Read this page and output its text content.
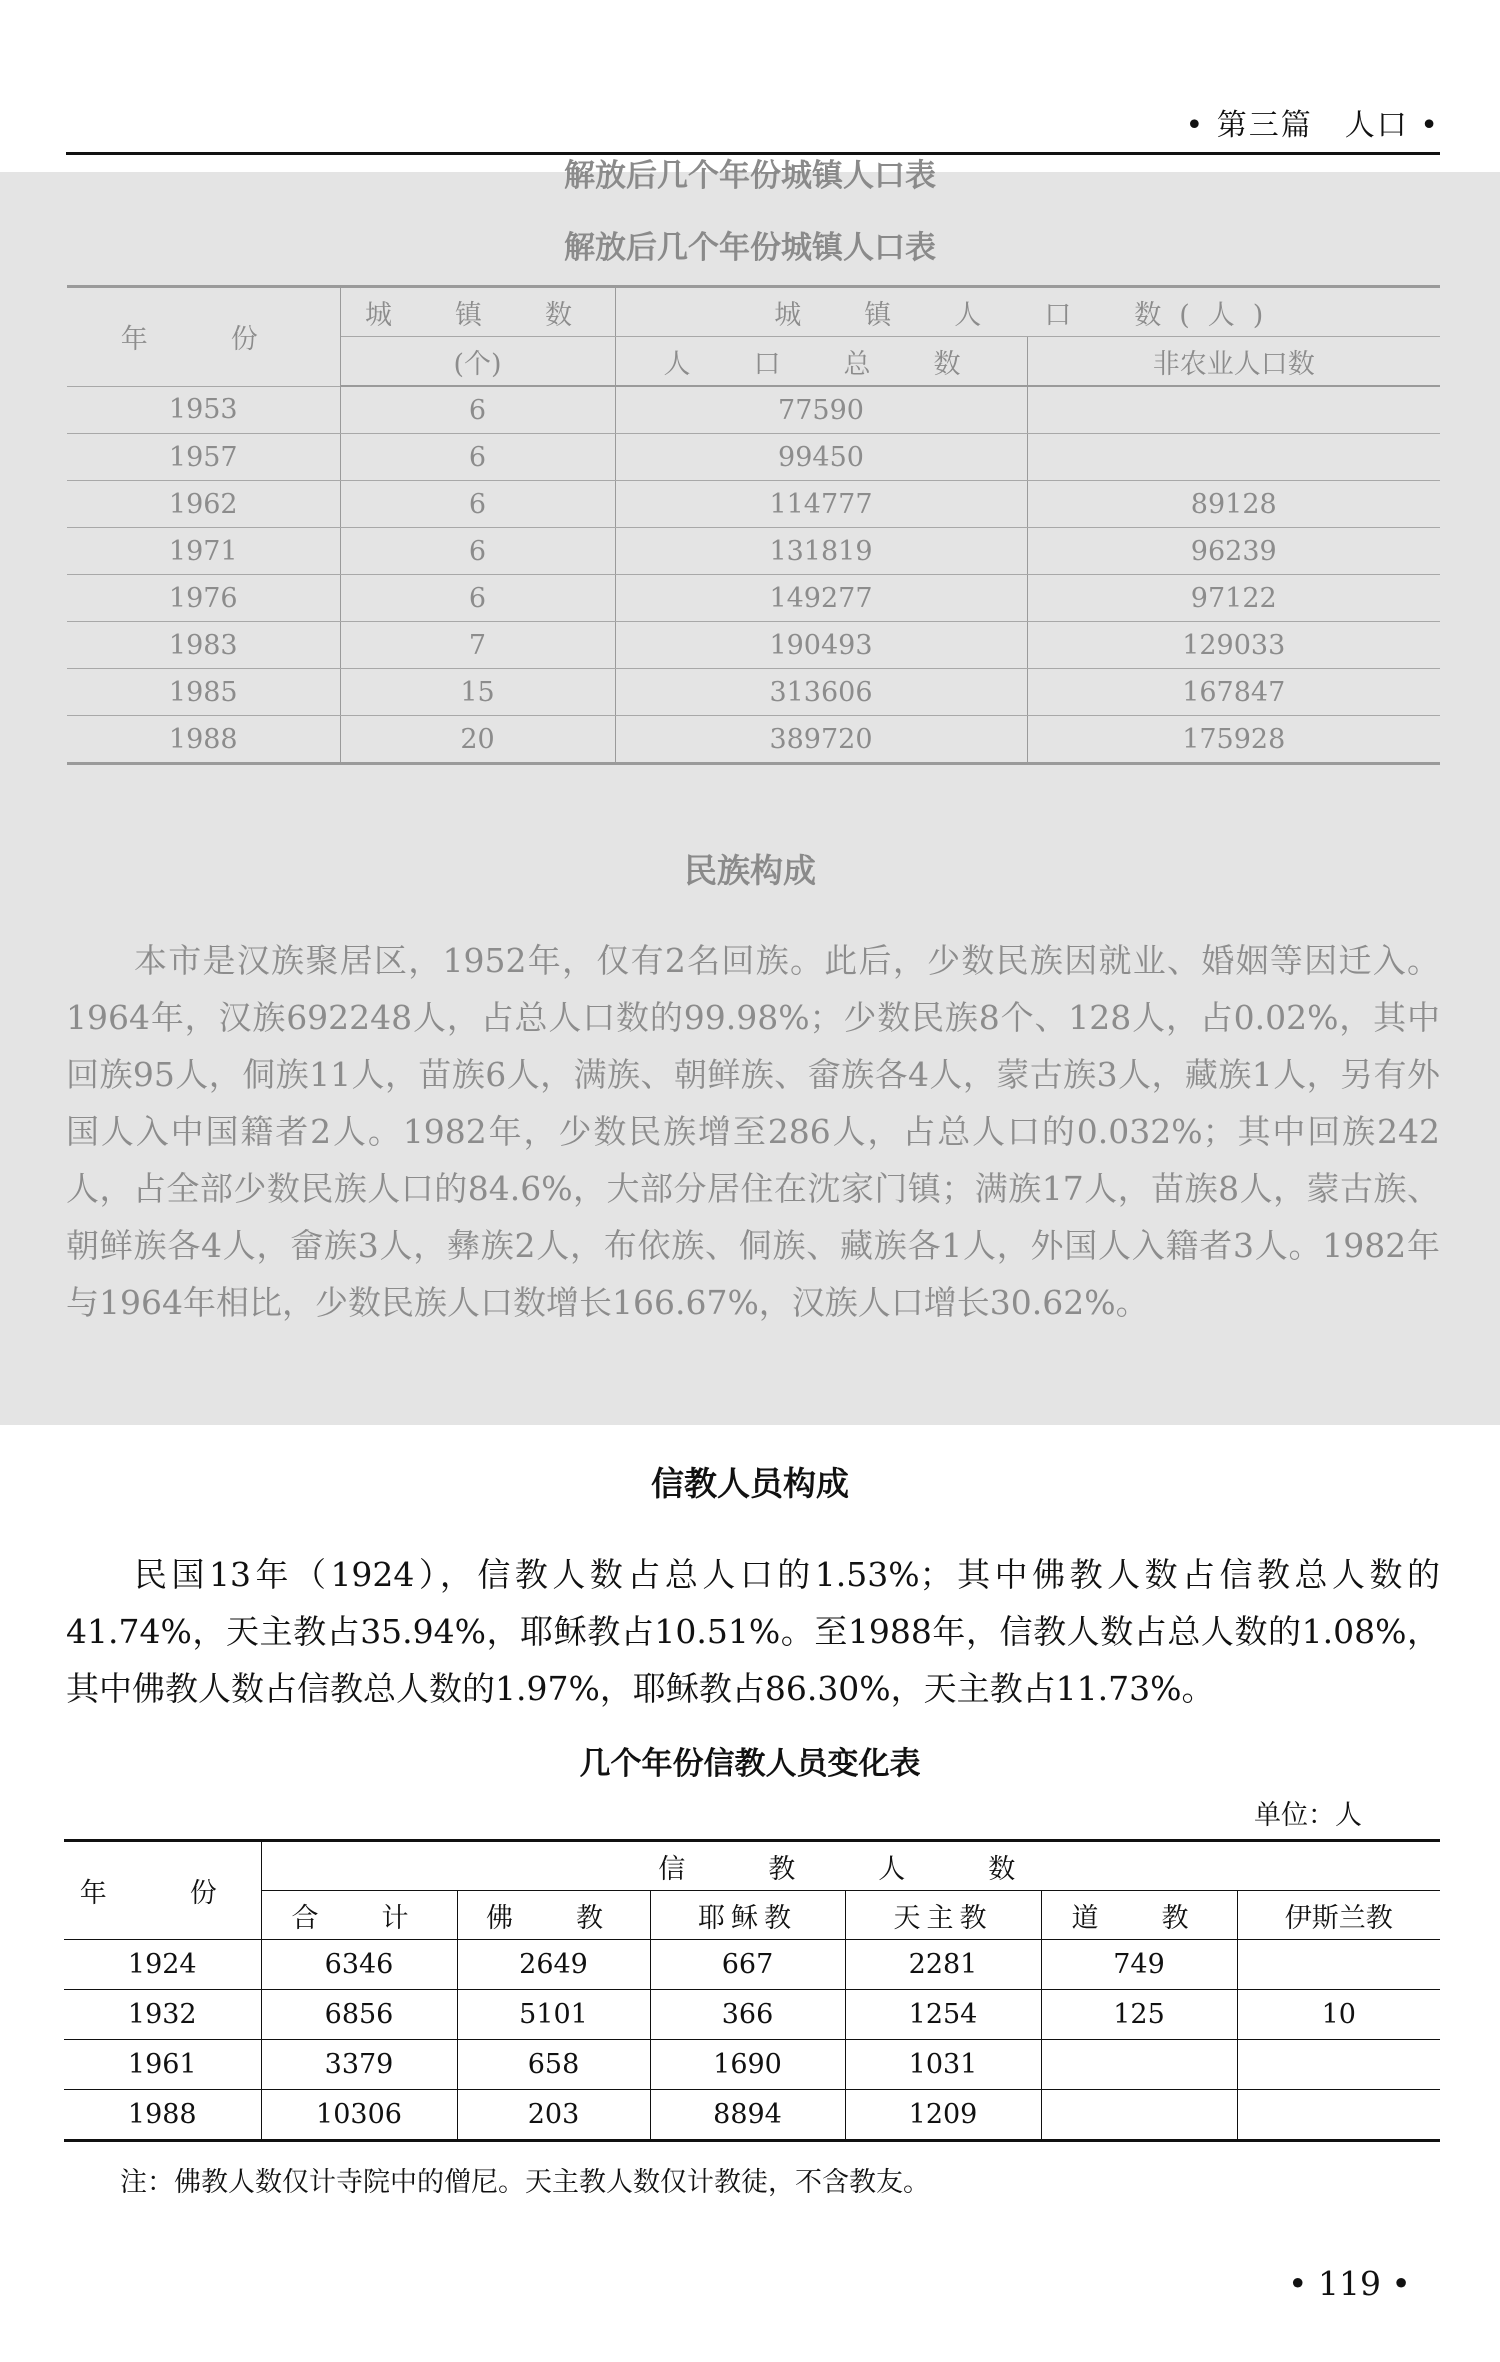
• 第三篇　人口 •
解放后几个年份城镇人口表
解放后几个年份城镇人口表
年　份	城　镇　数	城　镇　人　口　数(人)	
	(个)	人　口　总　数	非农业人口数
1953	6	77590	
1957	6	99450	
1962	6	114777	89128
1971	6	131819	96239
1976	6	149277	97122
1983	7	190493	129033
1985	15	313606	167847
1988	20	389720	175928
民族构成
本市是汉族聚居区，1952年，仅有2名回族。此后，少数民族因就业、婚姻等因迁入。1964年，汉族692248人，占总人口数的99.98%；少数民族8个、128人，占0.02%，其中回族95人，侗族11人，苗族6人，满族、朝鲜族、畲族各4人，蒙古族3人，藏族1人，另有外国人入中国籍者2人。1982年，少数民族增至286人，占总人口的0.032%；其中回族242人，占全部少数民族人口的84.6%，大部分居住在沈家门镇；满族17人，苗族8人，蒙古族、朝鲜族各4人，畲族3人，彝族2人，布依族、侗族、藏族各1人，外国人入籍者3人。1982年与1964年相比，少数民族人口数增长166.67%，汉族人口增长30.62%。
信教人员构成
民国13年（1924），信教人数占总人口的1.53%；其中佛教人数占信教总人数的41.74%，天主教占35.94%，耶稣教占10.51%。至1988年，信教人数占总人数的1.08%，其中佛教人数占信教总人数的1.97%，耶稣教占86.30%，天主教占11.73%。
几个年份信教人员变化表
单位：人
年　份	信　教　人　数					
	合　计	佛　教	耶稣教	天主教	道　教	伊斯兰教
1924	6346	2649	667	2281	749	
1932	6856	5101	366	1254	125	10
1961	3379	658	1690	1031		
1988	10306	203	8894	1209		
注：佛教人数仅计寺院中的僧尼。天主教人数仅计教徒，不含教友。
• 119 •
